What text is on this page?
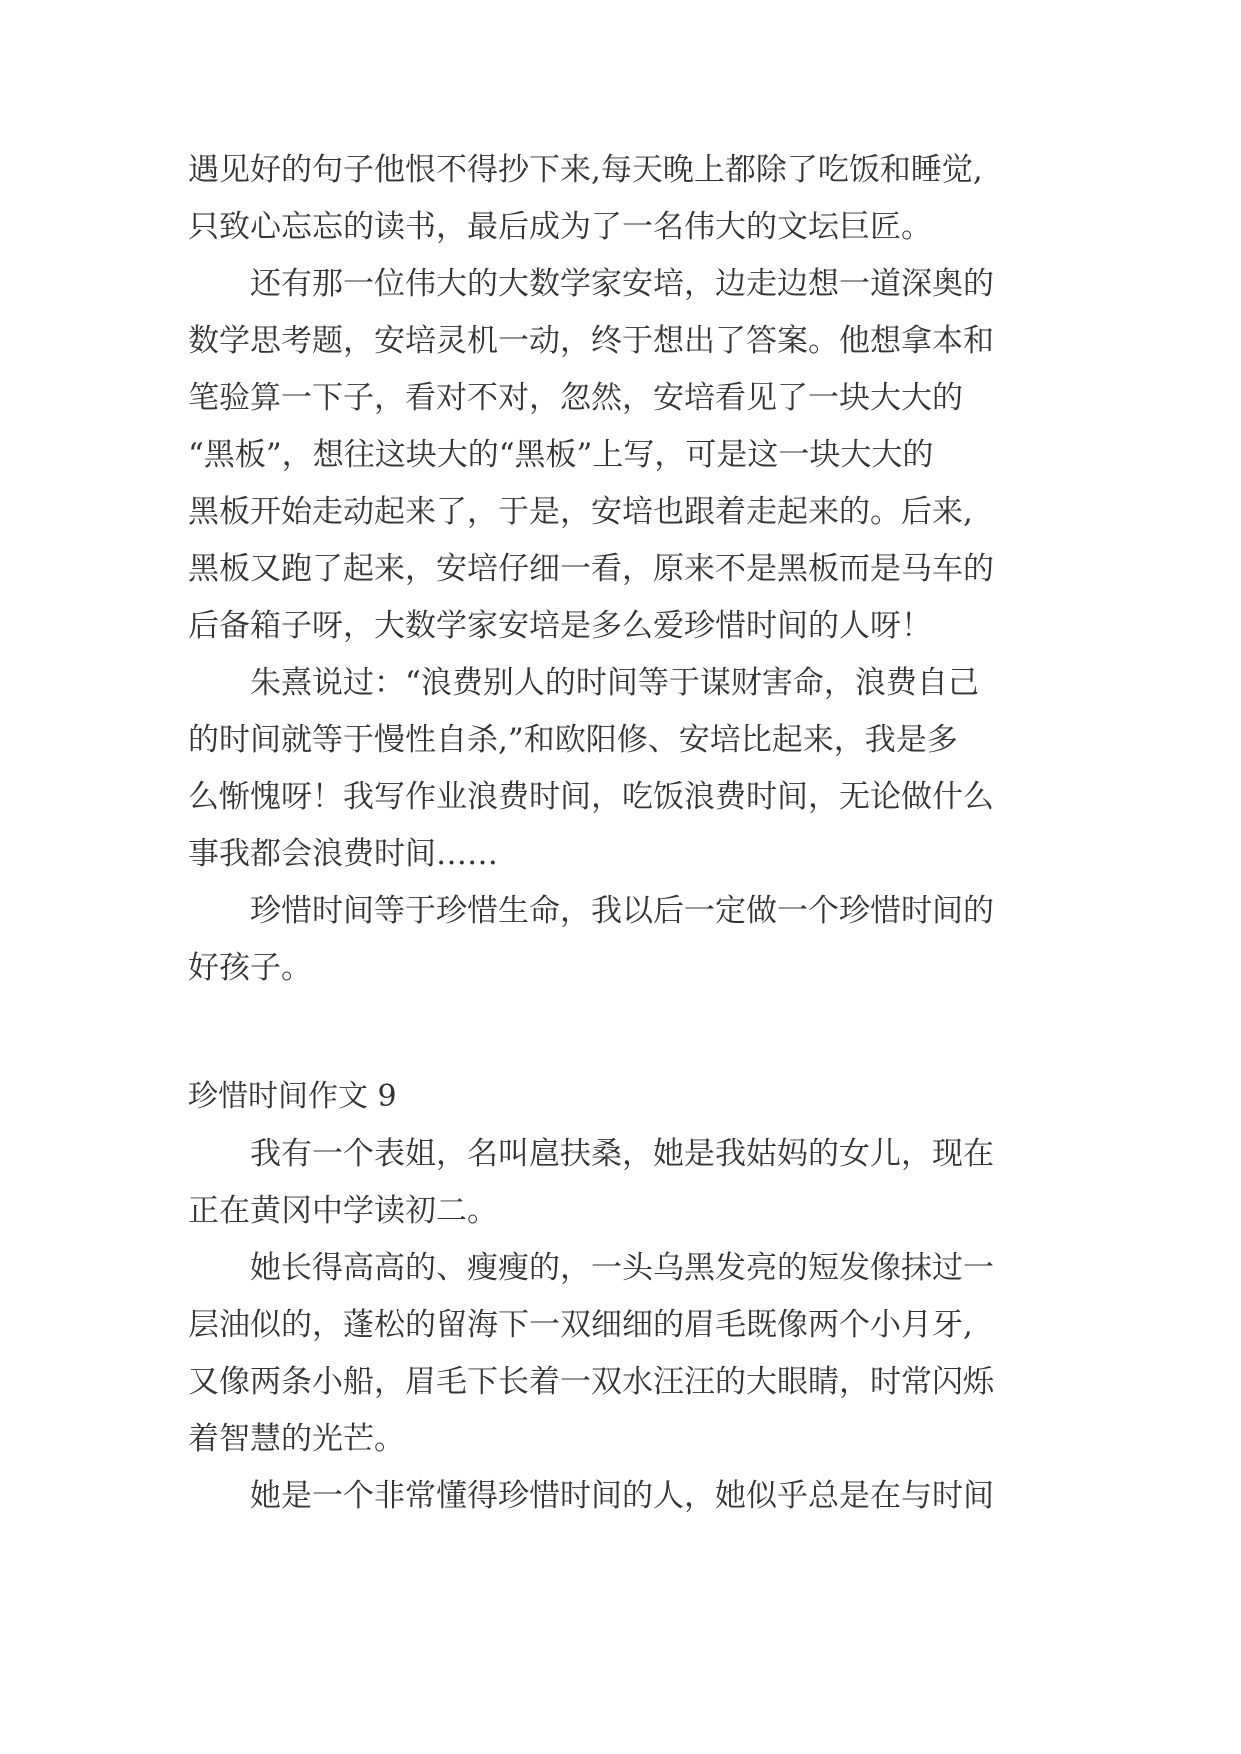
遇见好的句子他恨不得抄下来,每天晚上都除了吃饭和睡觉,
只致心忘忘的读书，最后成为了一名伟大的文坛巨匠。
还有那一位伟大的大数学家安培，边走边想一道深奥的
数学思考题，安培灵机一动，终于想出了答案。他想拿本和
笔验算一下子，看对不对，忽然，安培看见了一块大大的
“黑板”，想往这块大的“黑板”上写，可是这一块大大的
黑板开始走动起来了，于是，安培也跟着走起来的。后来,
黑板又跑了起来，安培仔细一看，原来不是黑板而是马车的
后备箱子呀，大数学家安培是多么爱珍惜时间的人呀！
朱熹说过：“浪费别人的时间等于谋财害命，浪费自己
的时间就等于慢性自杀,”和欧阳修、安培比起来，我是多
么惭愧呀！我写作业浪费时间，吃饭浪费时间，无论做什么
事我都会浪费时间……
珍惜时间等于珍惜生命，我以后一定做一个珍惜时间的
好孩子。
珍惜时间作文 9
我有一个表姐，名叫扈扶桑，她是我姑妈的女儿，现在
正在黄冈中学读初二。
她长得高高的、瘦瘦的，一头乌黑发亮的短发像抹过一
层油似的，蓬松的留海下一双细细的眉毛既像两个小月牙,
又像两条小船，眉毛下长着一双水汪汪的大眼睛，时常闪烁
着智慧的光芒。
她是一个非常懂得珍惜时间的人，她似乎总是在与时间
